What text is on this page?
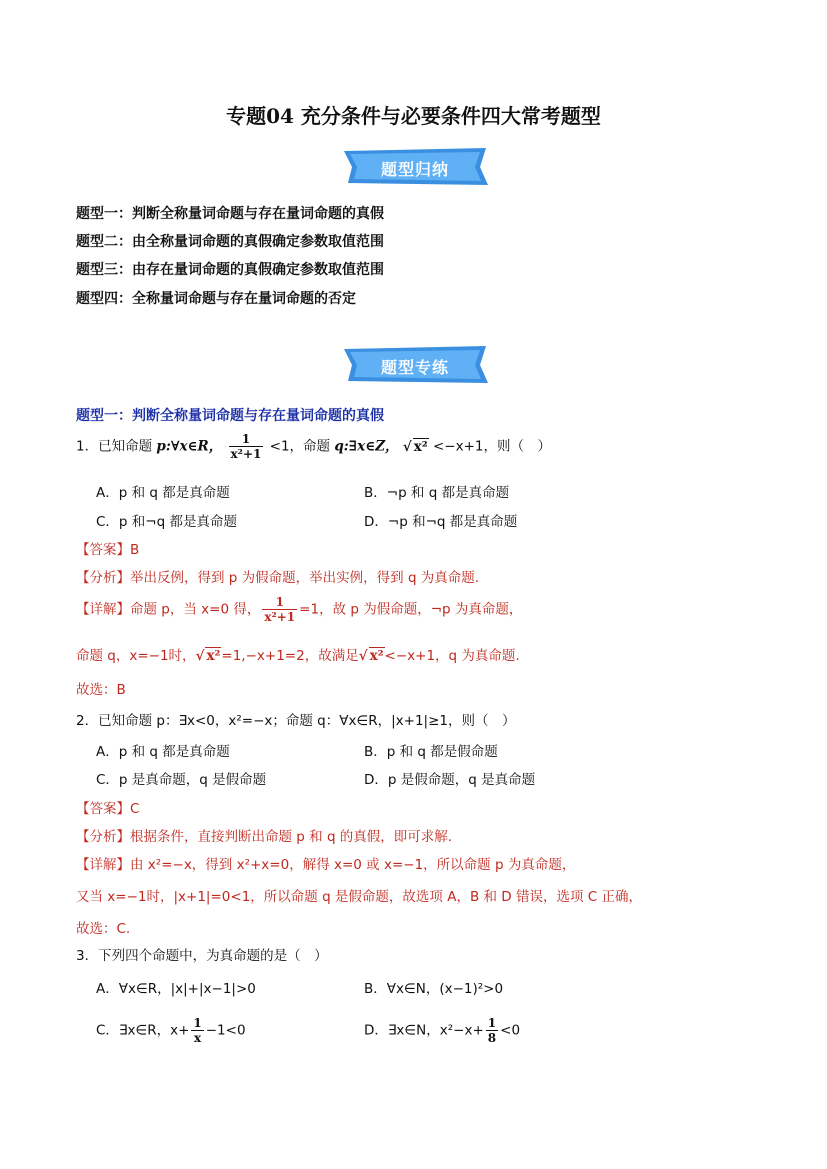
专题04 充分条件与必要条件四大常考题型
题型归纳
题型一：判断全称量词命题与存在量词命题的真假
题型二：由全称量词命题的真假确定参数取值范围
题型三：由存在量词命题的真假确定参数取值范围
题型四：全称量词命题与存在量词命题的否定
题型专练
题型一：判断全称量词命题与存在量词命题的真假
1．已知命题 p:∀x∈R， $\frac{1}{\text{x²+1}} <1$，命题 q:∃x∈Z， √ x² <−x+1，则（　）
A．p 和 q 都是真命题	B．¬p 和 q 都是真命题
C．p 和¬q 都是真命题	D．¬p 和¬q 都是真命题
【答案】B
【分析】举出反例，得到 p 为假命题，举出实例，得到 q 为真命题.
【详解】命题 p，当 x=0 得， $\frac{1}{\text{x²+1}} =1$，故 p 为假命题，¬p 为真命题，
命题 q，x=−1时，√ x²=1,−x+1=2，故满足√ x²<−x+1，q 为真命题.
故选：B
2．已知命题 p：∃x<0，x²=−x；命题 q：∀x∈R，|x+1|≥1，则（　）
A．p 和 q 都是真命题	B．p 和 q 都是假命题
C．p 是真命题，q 是假命题	D．p 是假命题，q 是真命题
【答案】C
【分析】根据条件，直接判断出命题 p 和 q 的真假，即可求解.
【详解】由 x²=−x，得到 x²+x=0，解得 x=0 或 x=−1，所以命题 p 为真命题，
又当 x=−1时，|x+1|=0<1，所以命题 q 是假命题，故选项 A，B 和 D 错误，选项 C 正确，
故选：C.
3．下列四个命题中，为真命题的是（　）
A．∀x∈R，|x|+|x−1|>0	B．∀x∈N，(x−1)²>0
C．∃x∈R，$x+ \frac{1}{x} -1<0$	D．∃x∈N，$x^2-x+ \frac{1}{8} <0$
